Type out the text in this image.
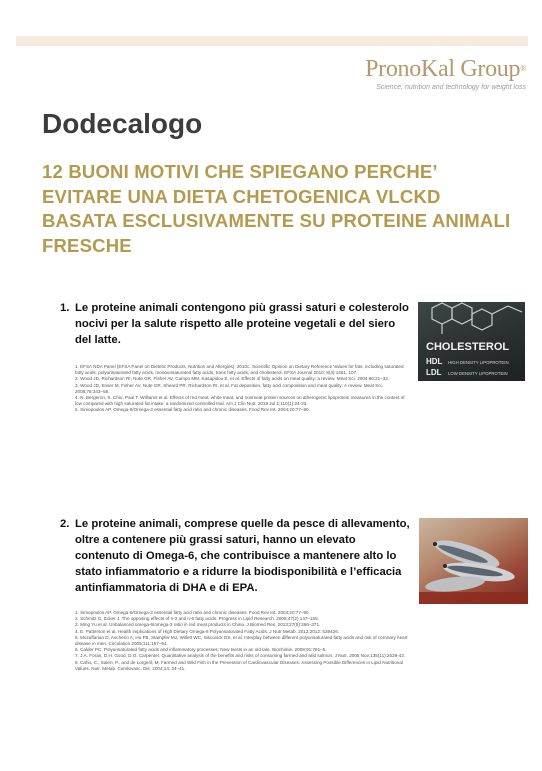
PronoKal Group®
Science, nutrition and technology for weight loss
Dodecalogo
12 BUONI MOTIVI CHE SPIEGANO PERCHE’ EVITARE UNA DIETA CHETOGENICA VLCKD BASATA ESCLUSIVAMENTE SU PROTEINE ANIMALI FRESCHE
1. Le proteine animali contengono più grassi saturi e colesterolo nocivi per la salute rispetto alle proteine vegetali e del siero del latte.
1. EFSA NDA Panel (EFSA Panel on Dietetic Products, Nutrition and Allergies), 2010c. Scientific Opinion on Dietary Reference Values for fats, including saturated fatty acids, polyunsaturated fatty acids, monounsaturated fatty acids, trans fatty acids, and cholesterol. EFSA Journal 2010; 8(3):1461, 107.
2. Wood JD, Richardson RI, Nute GR, Fisher AV, Campo MM, Kasapidou E, et al. Effects of fatty acids on meat quality: a review. Meat Sci. 2004;66:21–32.
3. Wood JD, Enser M, Fisher AV, Nute GR, Sheard PR, Richardson RI, et al. Fat deposition, fatty acid composition and meat quality: A review. Meat Sci. 2008;78:343–58.
4. N. Bergeron, S. Chiu, Paul T. Williams et al. Effects of red meat, white meat, and nonmeat protein sources on atherogenic lipoprotein measures in the context of low compared with high saturated fat intake: a randomized controlled trial. Am J Clin Nutr. 2019 Jul 1;110(1):24-33.
5. Simopoulos AP. Omega-6/Omega-3 essential fatty acid ratio and chronic diseases. Food Rev Int. 2004;20:77–90.
CHOLESTEROL
HDL HIGH DENSITY LIPOPROTEIN
LDL LOW DENSITY LIPOPROTEIN
2. Le proteine animali, comprese quelle da pesce di allevamento, oltre a contenere più grassi saturi, hanno un elevato contenuto di Omega-6, che contribuisce a mantenere alto lo stato infiammatorio e a ridurre la biodisponibilità e l’efficacia antinfiammatoria di DHA e di EPA.
1. Simopoulos AP. Omega-6/Omega-3 essential fatty acid ratio and chronic diseases. Food Rev Int. 2004;20:77–90.
2. Schmitz G, Ecker J. The opposing effects of n-3 and n-6 fatty acids. Progress in Lipid Research. 2008;47(2):147–155.
3. Ming Yu et al. Unbalanced omega-6/omega-3 ratio in red meat products in China. J Biomed Res. 2013;27(5):366–371.
4. E. Patterson et al. Health implications of High Dietary Omega-6 Polyunsaturated Fatty Acids. J Nutr Metab. 2012;2012: 539426.
5. Mozaffarian D, Ascherio A, Hu FB, Stampfer MJ, Willett WC, Siscovick DS, et al. Interplay between different polyunsaturated fatty acids and risk of coronary heart disease in men. Circulation 2005;111:157–64.
6. Calder PC. Polyunsaturated fatty acids and inflammatory processes: New twists in an old tale. Biochimie. 2009;91:791–5.
7. J.A. Foran, D.H. Good, D.O. Carpenter. Quantitative analysis of the benefits and risks of consuming farmed and wild salmon. J Nutr. 2005 Nov;135(11):2639-43.
8. Cahu, C., Salen, P., and de Lorgeril, M. Farmed and Wild Fish in the Prevention of Cardiovascular Diseases: Assessing Possible Differences in Lipid Nutritional Values. Nutr. Metab. Cardiovasc. Dis. 2004;14, 34–41.
